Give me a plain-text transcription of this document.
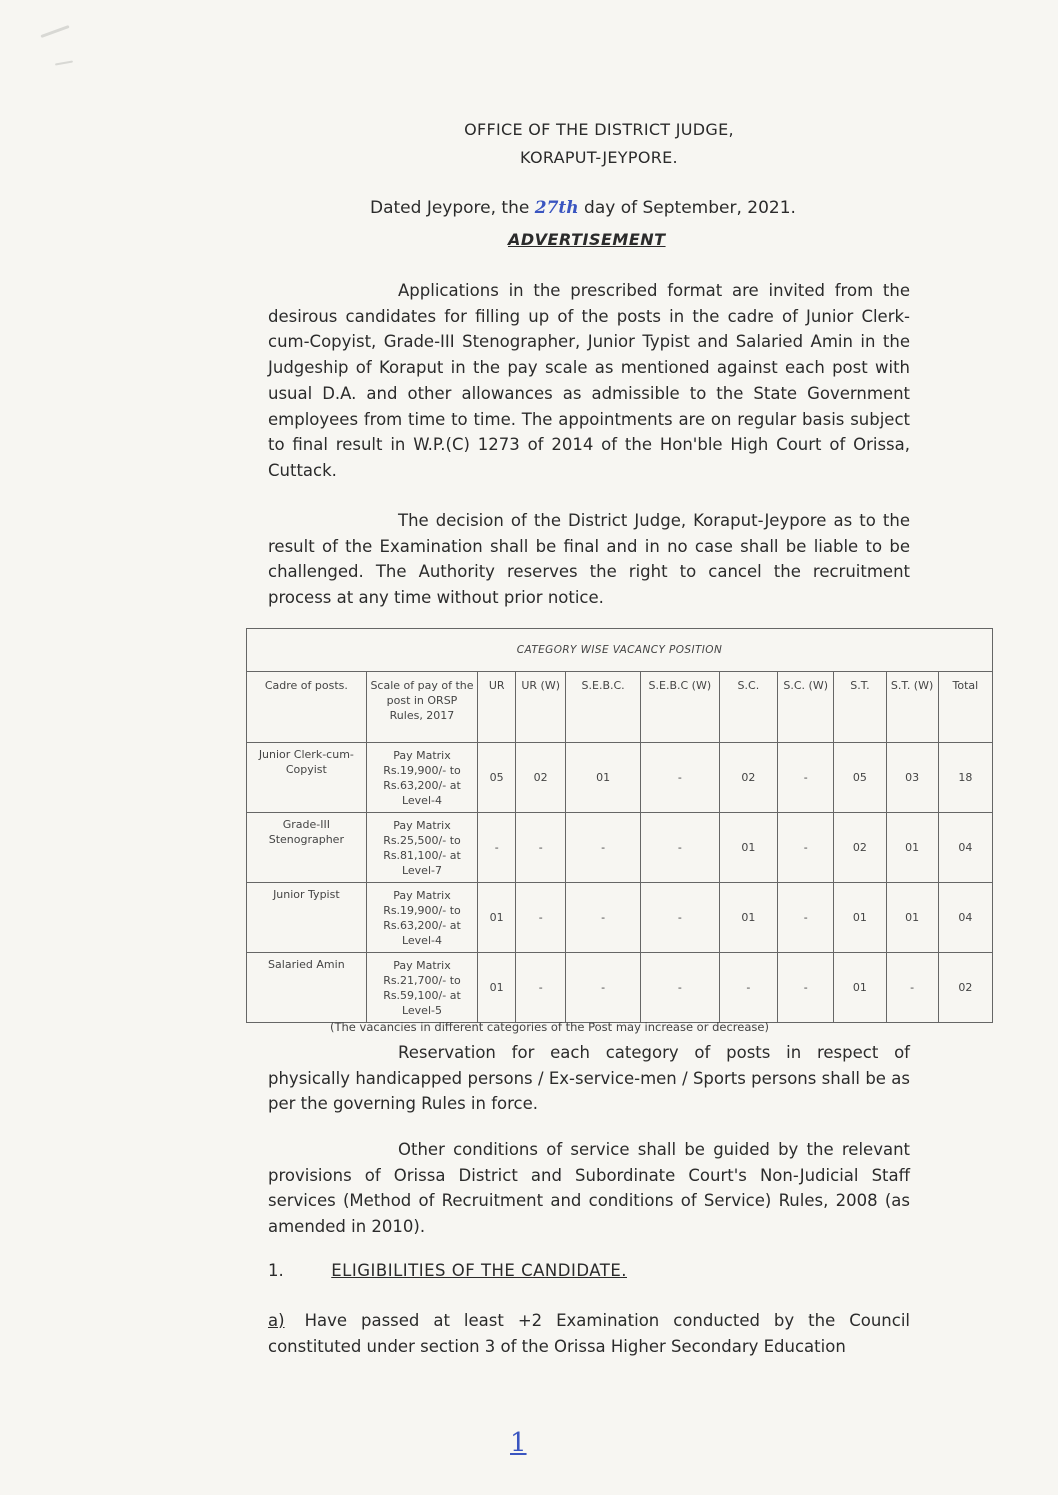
OFFICE OF THE DISTRICT JUDGE,
KORAPUT-JEYPORE.
Dated Jeypore, the 27th day of September, 2021.
ADVERTISEMENT
Applications in the prescribed format are invited from the desirous candidates for filling up of the posts in the cadre of Junior Clerk-cum-Copyist, Grade-III Stenographer, Junior Typist and Salaried Amin in the Judgeship of Koraput in the pay scale as mentioned against each post with usual D.A. and other allowances as admissible to the State Government employees from time to time. The appointments are on regular basis subject to final result in W.P.(C) 1273 of 2014 of the Hon'ble High Court of Orissa, Cuttack.
The decision of the District Judge, Koraput-Jeypore as to the result of the Examination shall be final and in no case shall be liable to be challenged. The Authority reserves the right to cancel the recruitment process at any time without prior notice.
CATEGORY WISE VACANCY POSITION										
Cadre of posts.	Scale of pay of the post in ORSP Rules, 2017	UR	UR (W)	S.E.B.C.	S.E.B.C (W)	S.C.	S.C. (W)	S.T.	S.T. (W)	Total
Junior Clerk-cum- Copyist	Pay Matrix Rs.19,900/- to Rs.63,200/- at Level-4	05	02	01	-	02	-	05	03	18
Grade-III Stenographer	Pay Matrix Rs.25,500/- to Rs.81,100/- at Level-7	-	-	-	-	01	-	02	01	04
Junior Typist	Pay Matrix Rs.19,900/- to Rs.63,200/- at Level-4	01	-	-	-	01	-	01	01	04
Salaried Amin	Pay Matrix Rs.21,700/- to Rs.59,100/- at Level-5	01	-	-	-	-	-	01	-	02
(The vacancies in different categories of the Post may increase or decrease)
Reservation for each category of posts in respect of physically handicapped persons / Ex-service-men / Sports persons shall be as per the governing Rules in force.
Other conditions of service shall be guided by the relevant provisions of Orissa District and Subordinate Court's Non-Judicial Staff services (Method of Recruitment and conditions of Service) Rules, 2008 (as amended in 2010).
1.	ELIGIBILITIES OF THE CANDIDATE.
a) Have passed at least +2 Examination conducted by the Council constituted under section 3 of the Orissa Higher Secondary Education
1
